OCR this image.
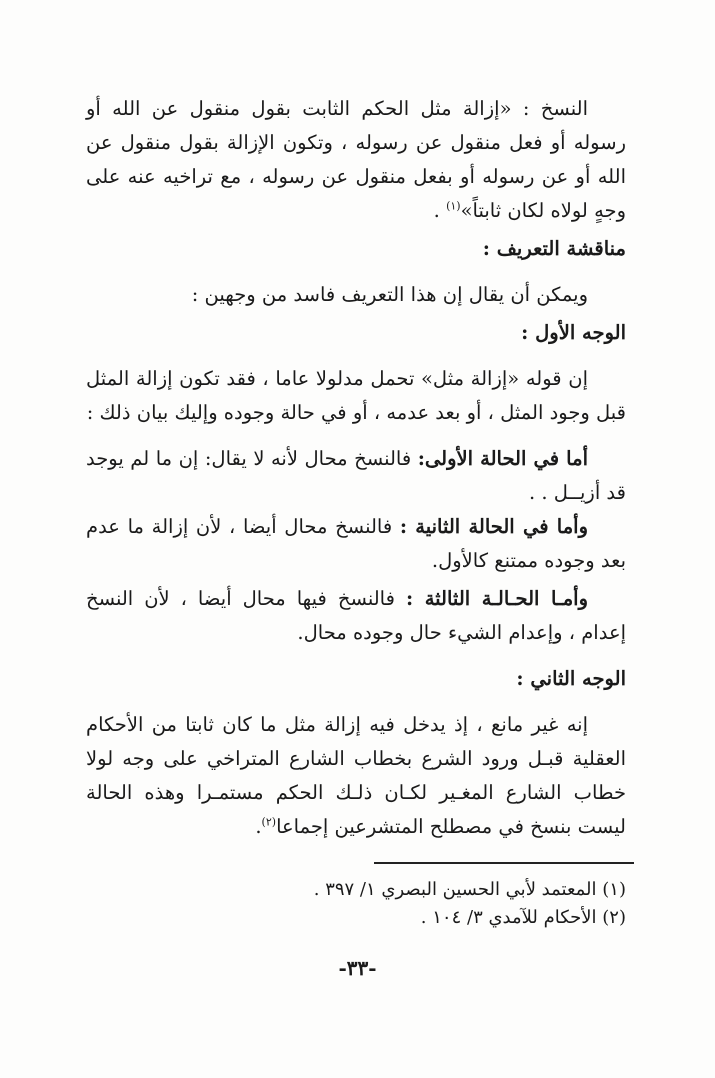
النسخ : «إزالة مثل الحكم الثابت بقول منقول عن الله أو رسوله أو فعل منقول عن رسوله ، وتكون الإزالة بقول منقول عن الله أو عن رسوله أو بفعل منقول عن رسوله ، مع تراخيه عنه على وجهٍ لولاه لكان ثابتاً»$^{(١)}$ .

مناقشة التعريف :

ويمكن أن يقال إن هذا التعريف فاسد من وجهين :

الوجه الأول :

إن قوله «إزالة مثل» تحمل مدلولا عاما ، فقد تكون إزالة المثل قبل وجود المثل ، أو بعد عدمه ، أو في حالة وجوده وإليك بيان ذلك :

أما في الحالة الأولى: فالنسخ محال لأنه لا يقال: إن ما لم يوجد قد أزيــل . .

وأما في الحالة الثانية : فالنسخ محال أيضا ، لأن إزالة ما عدم بعد وجوده ممتنع كالأول.

وأمـا الحـالـة الثالثة : فالنسخ فيها محال أيضا ، لأن النسخ إعدام ، وإعدام الشيء حال وجوده محال.

الوجه الثاني :

إنه غير مانع ، إذ يدخل فيه إزالة مثل ما كان ثابتا من الأحكام العقلية قبـل ورود الشرع بخطاب الشارع المتراخي على وجه لولا خطاب الشارع المغـير لكـان ذلـك الحكم مستمـرا وهذه الحالة ليست بنسخ في مصطلح المتشرعين إجماعا$^{(٢)}$.

(١) المعتمد لأبي الحسين البصري ١/ ٣٩٧ .

(٢) الأحكام للآمدي ٣/ ١٠٤ .

-٣٣-
